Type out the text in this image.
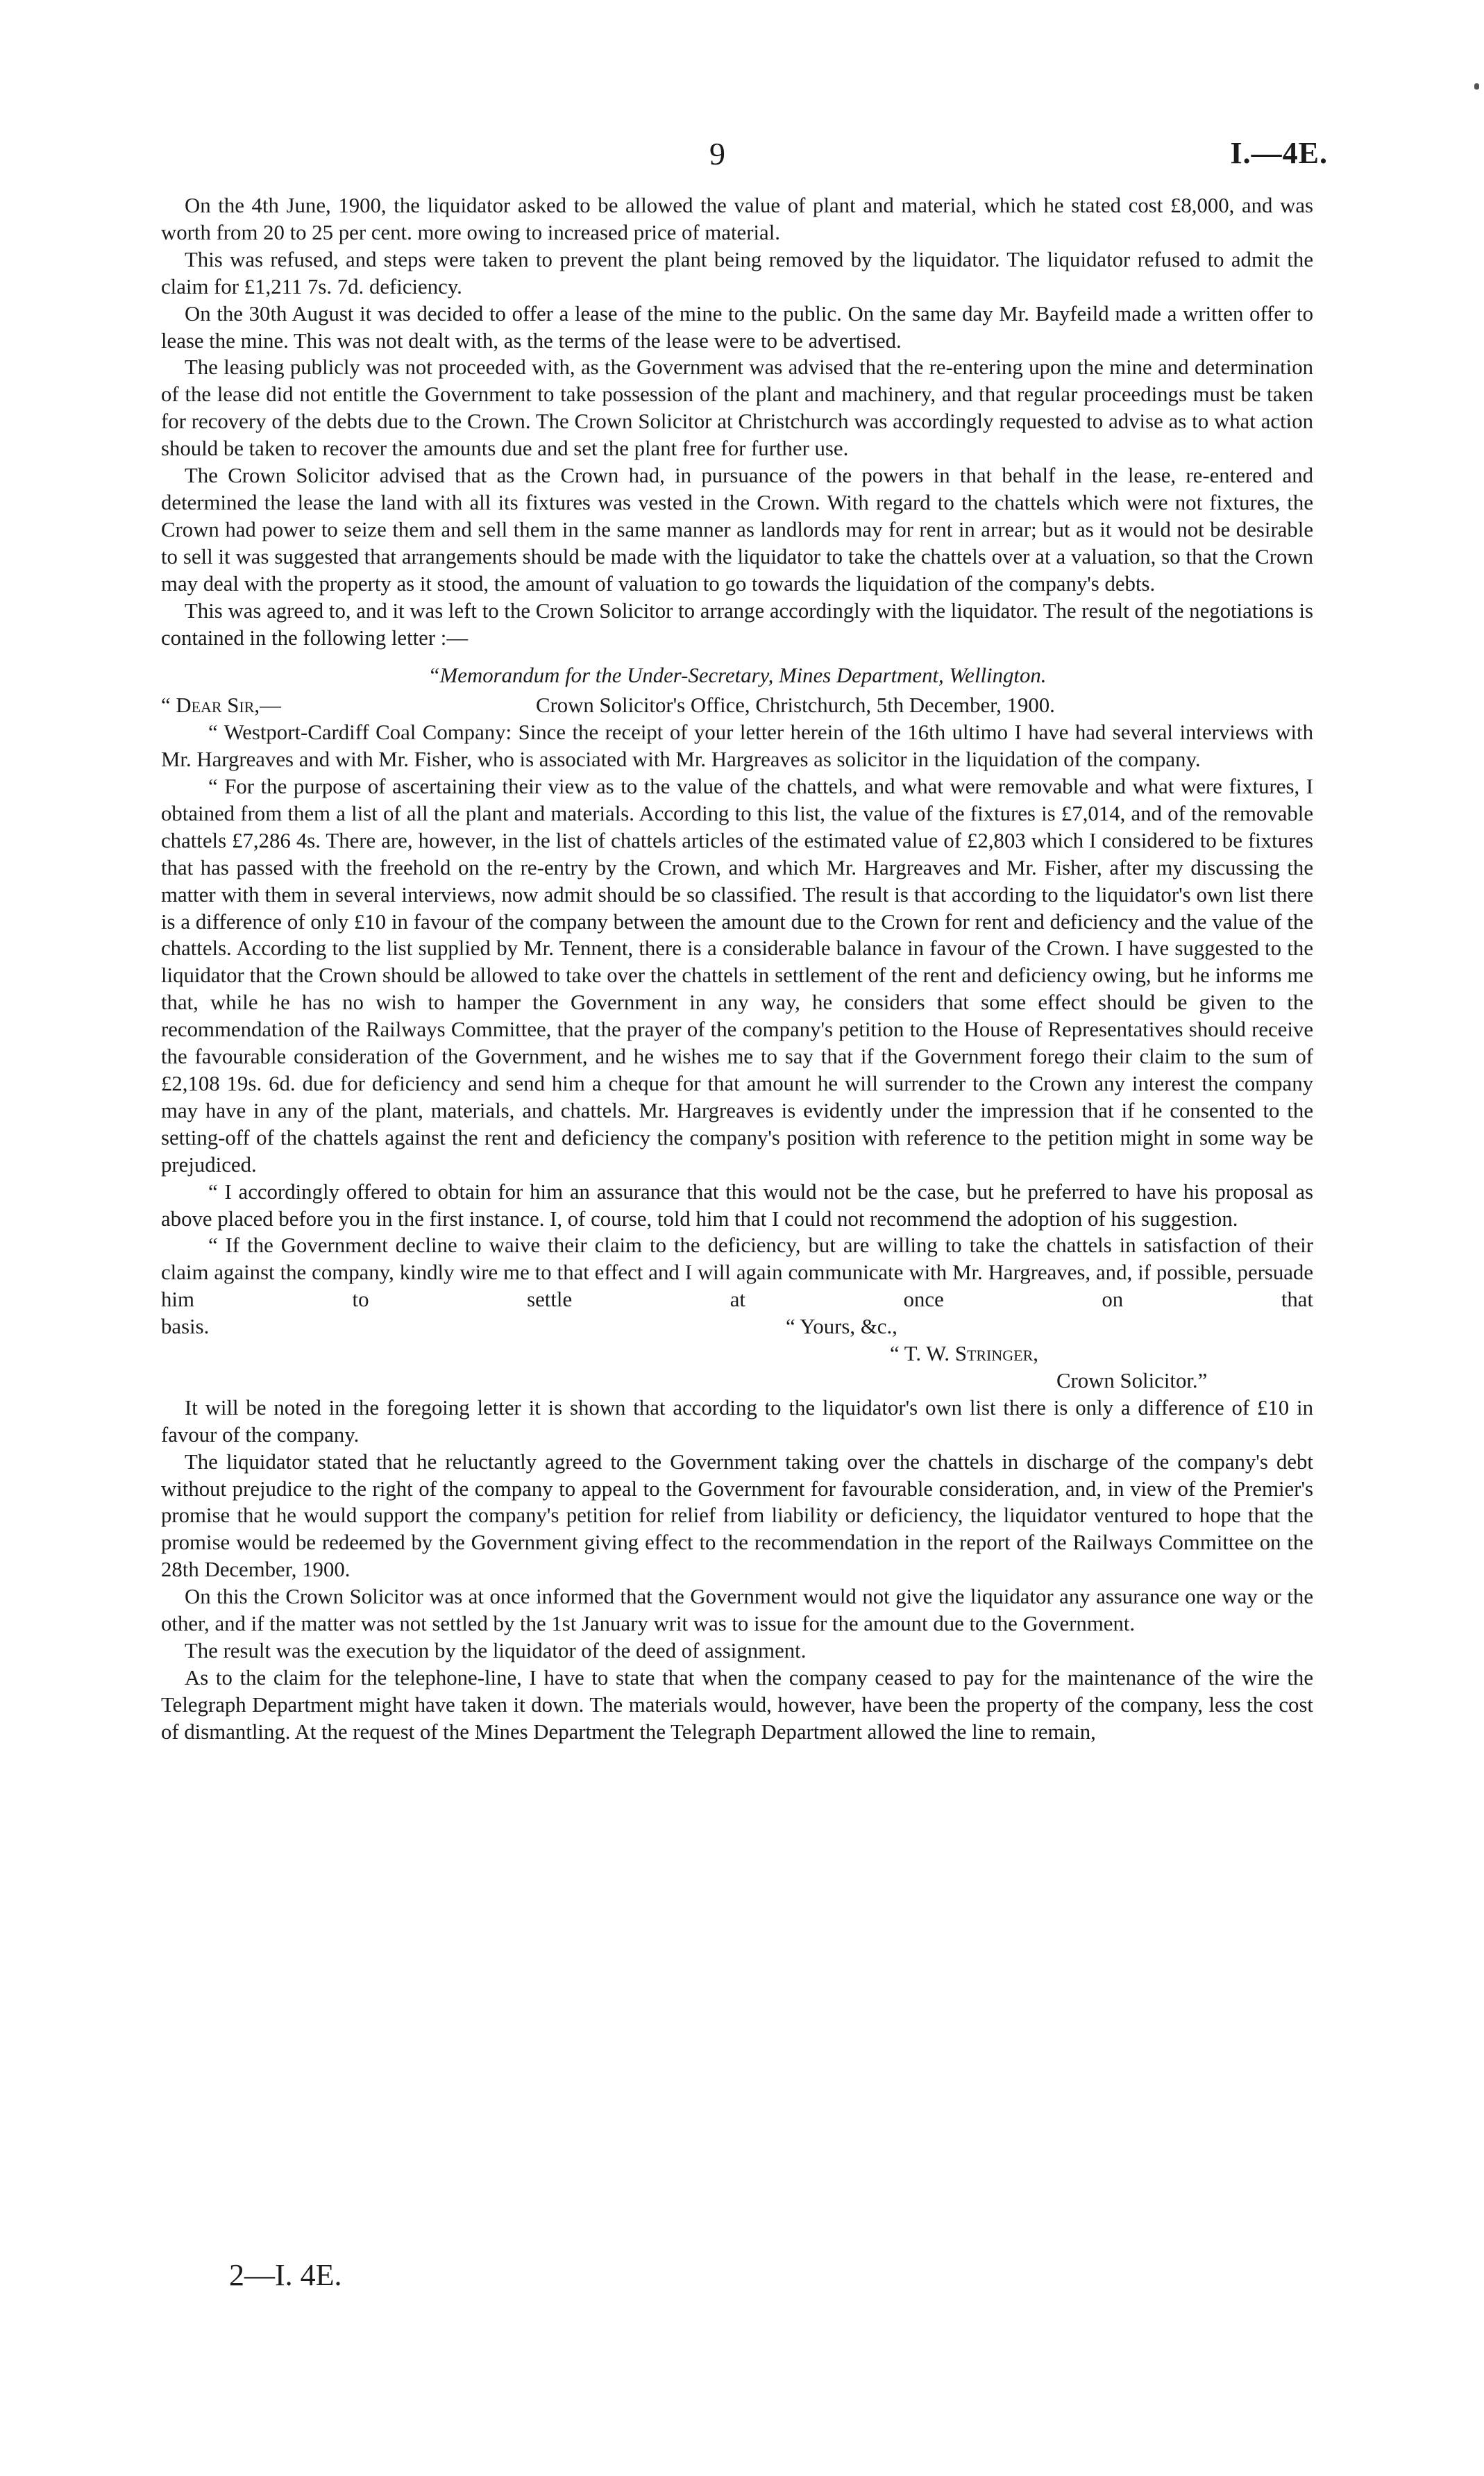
9	I.—4E.

On the 4th June, 1900, the liquidator asked to be allowed the value of plant and material, which he stated cost £8,000, and was worth from 20 to 25 per cent. more owing to increased price of material.

This was refused, and steps were taken to prevent the plant being removed by the liquidator. The liquidator refused to admit the claim for £1,211 7s. 7d. deficiency.

On the 30th August it was decided to offer a lease of the mine to the public. On the same day Mr. Bayfeild made a written offer to lease the mine. This was not dealt with, as the terms of the lease were to be advertised.

The leasing publicly was not proceeded with, as the Government was advised that the re-entering upon the mine and determination of the lease did not entitle the Government to take possession of the plant and machinery, and that regular proceedings must be taken for recovery of the debts due to the Crown. The Crown Solicitor at Christchurch was accordingly requested to advise as to what action should be taken to recover the amounts due and set the plant free for further use.

The Crown Solicitor advised that as the Crown had, in pursuance of the powers in that behalf in the lease, re-entered and determined the lease the land with all its fixtures was vested in the Crown. With regard to the chattels which were not fixtures, the Crown had power to seize them and sell them in the same manner as landlords may for rent in arrear; but as it would not be desirable to sell it was suggested that arrangements should be made with the liquidator to take the chattels over at a valuation, so that the Crown may deal with the property as it stood, the amount of valuation to go towards the liquidation of the company's debts.

This was agreed to, and it was left to the Crown Solicitor to arrange accordingly with the liquidator. The result of the negotiations is contained in the following letter :—

“Memorandum for the Under-Secretary, Mines Department, Wellington.

“ Dear Sir,—	Crown Solicitor's Office, Christchurch, 5th December, 1900.

“ Westport-Cardiff Coal Company: Since the receipt of your letter herein of the 16th ultimo I have had several interviews with Mr. Hargreaves and with Mr. Fisher, who is associated with Mr. Hargreaves as solicitor in the liquidation of the company.

“ For the purpose of ascertaining their view as to the value of the chattels, and what were removable and what were fixtures, I obtained from them a list of all the plant and materials. According to this list, the value of the fixtures is £7,014, and of the removable chattels £7,286 4s. There are, however, in the list of chattels articles of the estimated value of £2,803 which I considered to be fixtures that has passed with the freehold on the re-entry by the Crown, and which Mr. Hargreaves and Mr. Fisher, after my discussing the matter with them in several interviews, now admit should be so classified. The result is that according to the liquidator's own list there is a difference of only £10 in favour of the company between the amount due to the Crown for rent and deficiency and the value of the chattels. According to the list supplied by Mr. Tennent, there is a considerable balance in favour of the Crown. I have suggested to the liquidator that the Crown should be allowed to take over the chattels in settlement of the rent and deficiency owing, but he informs me that, while he has no wish to hamper the Government in any way, he considers that some effect should be given to the recommendation of the Railways Committee, that the prayer of the company's petition to the House of Representatives should receive the favourable consideration of the Government, and he wishes me to say that if the Government forego their claim to the sum of £2,108 19s. 6d. due for deficiency and send him a cheque for that amount he will surrender to the Crown any interest the company may have in any of the plant, materials, and chattels. Mr. Hargreaves is evidently under the impression that if he consented to the setting-off of the chattels against the rent and deficiency the company's position with reference to the petition might in some way be prejudiced.

“ I accordingly offered to obtain for him an assurance that this would not be the case, but he preferred to have his proposal as above placed before you in the first instance. I, of course, told him that I could not recommend the adoption of his suggestion.

“ If the Government decline to waive their claim to the deficiency, but are willing to take the chattels in satisfaction of their claim against the company, kindly wire me to that effect and I will again communicate with Mr. Hargreaves, and, if possible, persuade him to settle at once on that

basis.	“ Yours, &c.,
“ T. W. Stringer,
Crown Solicitor.”

It will be noted in the foregoing letter it is shown that according to the liquidator's own list there is only a difference of £10 in favour of the company.

The liquidator stated that he reluctantly agreed to the Government taking over the chattels in discharge of the company's debt without prejudice to the right of the company to appeal to the Government for favourable consideration, and, in view of the Premier's promise that he would support the company's petition for relief from liability or deficiency, the liquidator ventured to hope that the promise would be redeemed by the Government giving effect to the recommendation in the report of the Railways Committee on the 28th December, 1900.

On this the Crown Solicitor was at once informed that the Government would not give the liquidator any assurance one way or the other, and if the matter was not settled by the 1st January writ was to issue for the amount due to the Government.

The result was the execution by the liquidator of the deed of assignment.

As to the claim for the telephone-line, I have to state that when the company ceased to pay for the maintenance of the wire the Telegraph Department might have taken it down. The materials would, however, have been the property of the company, less the cost of dismantling. At the request of the Mines Department the Telegraph Department allowed the line to remain,

2—I. 4E.
